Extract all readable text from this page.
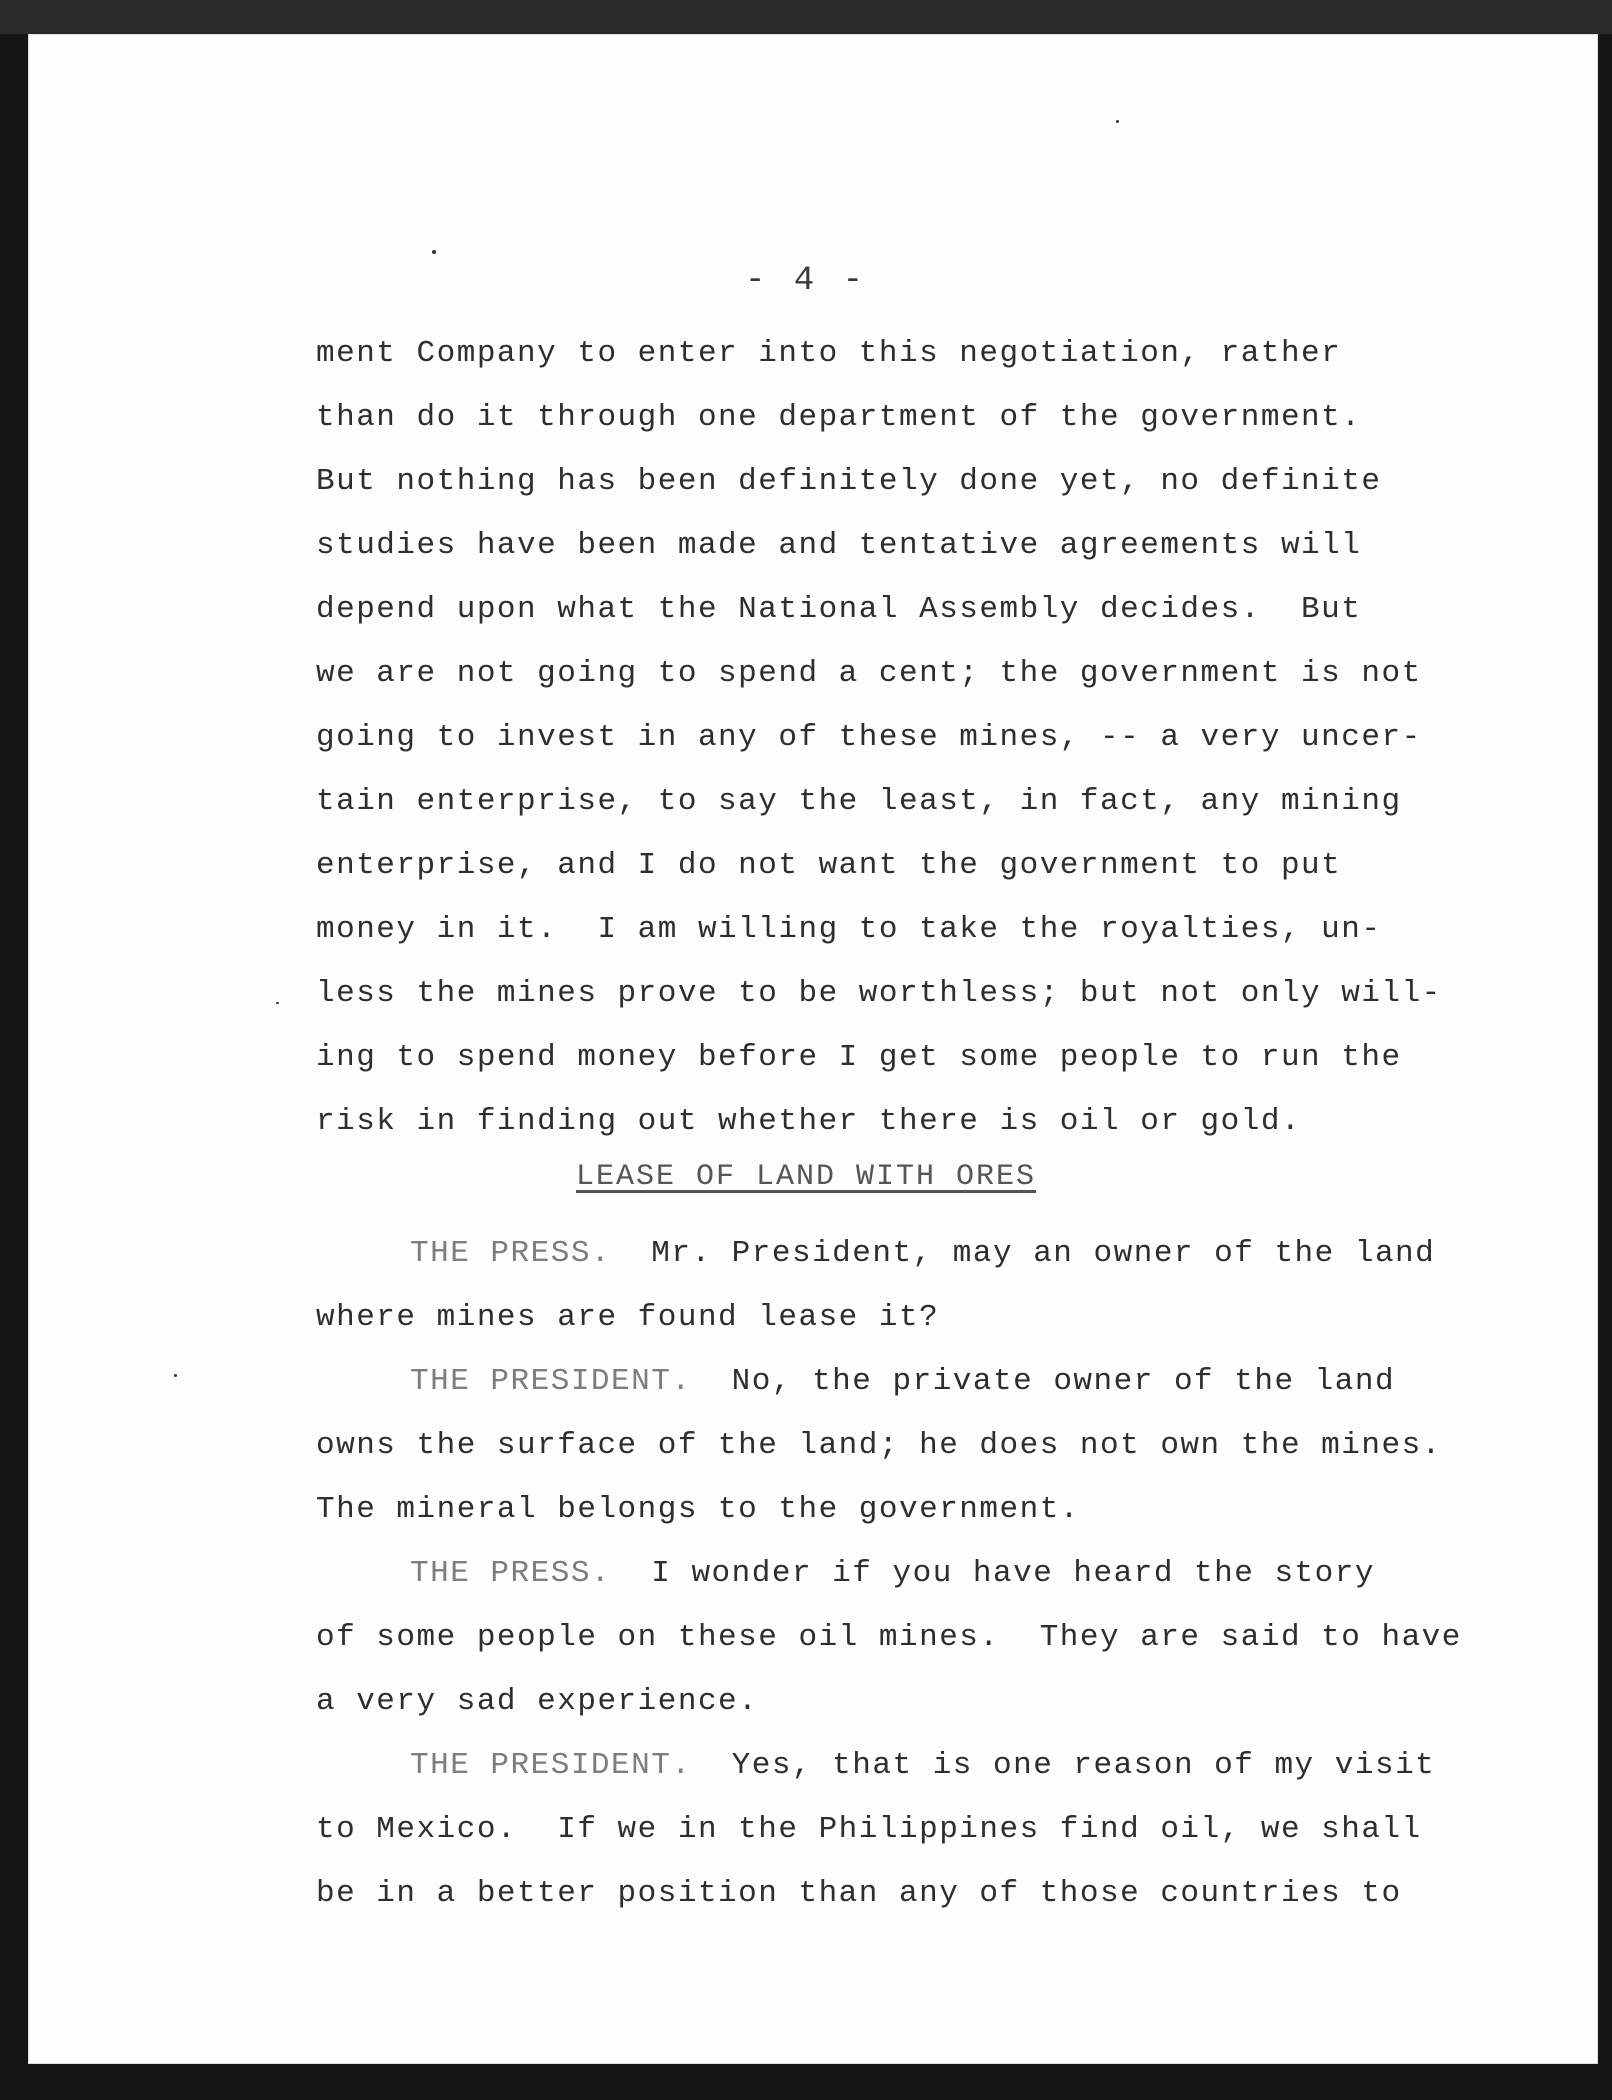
- 4 -
ment Company to enter into this negotiation, rather
than do it through one department of the government.
But nothing has been definitely done yet, no definite
studies have been made and tentative agreements will
depend upon what the National Assembly decides.  But
we are not going to spend a cent; the government is not
going to invest in any of these mines, -- a very uncer-
tain enterprise, to say the least, in fact, any mining
enterprise, and I do not want the government to put
money in it.  I am willing to take the royalties, un-
less the mines prove to be worthless; but not only will-
ing to spend money before I get some people to run the
risk in finding out whether there is oil or gold.
LEASE OF LAND WITH ORES
THE PRESS. Mr. President, may an owner of the land
where mines are found lease it?
THE PRESIDENT. No, the private owner of the land
owns the surface of the land; he does not own the mines.
The mineral belongs to the government.
THE PRESS. I wonder if you have heard the story
of some people on these oil mines.  They are said to have
a very sad experience.
THE PRESIDENT. Yes, that is one reason of my visit
to Mexico.  If we in the Philippines find oil, we shall
be in a better position than any of those countries to
